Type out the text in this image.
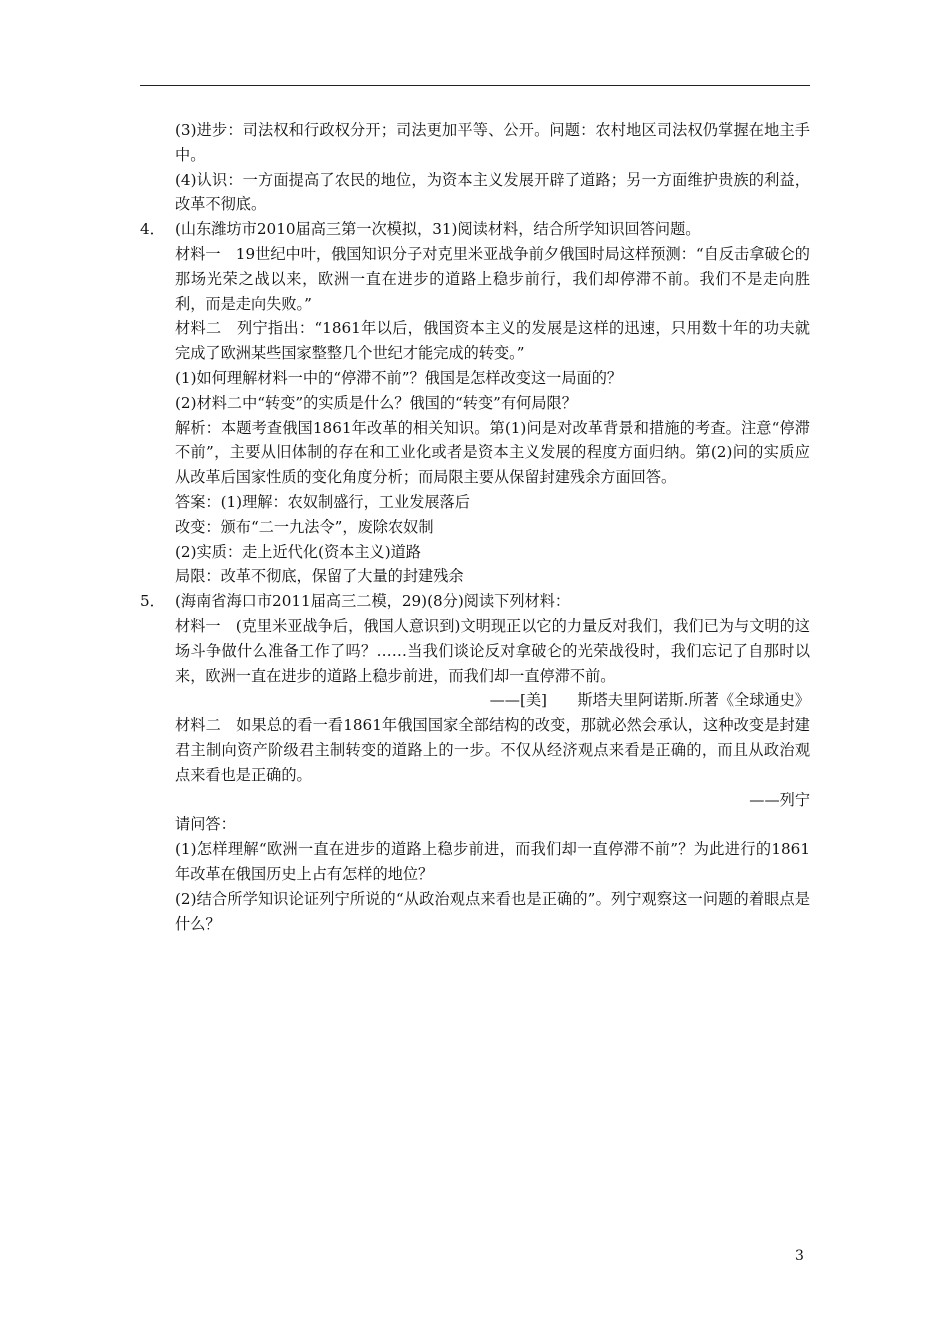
(3)进步：司法权和行政权分开；司法更加平等、公开。问题：农村地区司法权仍掌握在地主手中。

(4)认识：一方面提高了农民的地位，为资本主义发展开辟了道路；另一方面维护贵族的利益，改革不彻底。

4． (山东潍坊市2010届高三第一次模拟，31)阅读材料，结合所学知识回答问题。

材料一　19世纪中叶，俄国知识分子对克里米亚战争前夕俄国时局这样预测：“自反击拿破仑的那场光荣之战以来，欧洲一直在进步的道路上稳步前行，我们却停滞不前。我们不是走向胜利，而是走向失败。”

材料二　列宁指出：“1861年以后，俄国资本主义的发展是这样的迅速，只用数十年的功夫就完成了欧洲某些国家整整几个世纪才能完成的转变。”

(1)如何理解材料一中的“停滞不前”？俄国是怎样改变这一局面的？

(2)材料二中“转变”的实质是什么？俄国的“转变”有何局限？

解析：本题考查俄国1861年改革的相关知识。第(1)问是对改革背景和措施的考查。注意“停滞不前”，主要从旧体制的存在和工业化或者是资本主义发展的程度方面归纳。第(2)问的实质应从改革后国家性质的变化角度分析；而局限主要从保留封建残余方面回答。

答案：(1)理解：农奴制盛行，工业发展落后

改变：颁布“二一九法令”，废除农奴制

(2)实质：走上近代化(资本主义)道路

局限：改革不彻底，保留了大量的封建残余

5． (海南省海口市2011届高三二模，29)(8分)阅读下列材料：

材料一　(克里米亚战争后，俄国人意识到)文明现正以它的力量反对我们，我们已为与文明的这场斗争做什么准备工作了吗？……当我们谈论反对拿破仑的光荣战役时，我们忘记了自那时以来，欧洲一直在进步的道路上稳步前进，而我们却一直停滞不前。

——[美]　　斯塔夫里阿诺斯.所著《全球通史》

材料二　如果总的看一看1861年俄国国家全部结构的改变，那就必然会承认，这种改变是封建君主制向资产阶级君主制转变的道路上的一步。不仅从经济观点来看是正确的，而且从政治观点来看也是正确的。

——列宁

请问答：

(1)怎样理解“欧洲一直在进步的道路上稳步前进，而我们却一直停滞不前”？为此进行的1861年改革在俄国历史上占有怎样的地位？

(2)结合所学知识论证列宁所说的“从政治观点来看也是正确的”。列宁观察这一问题的着眼点是什么？

3
